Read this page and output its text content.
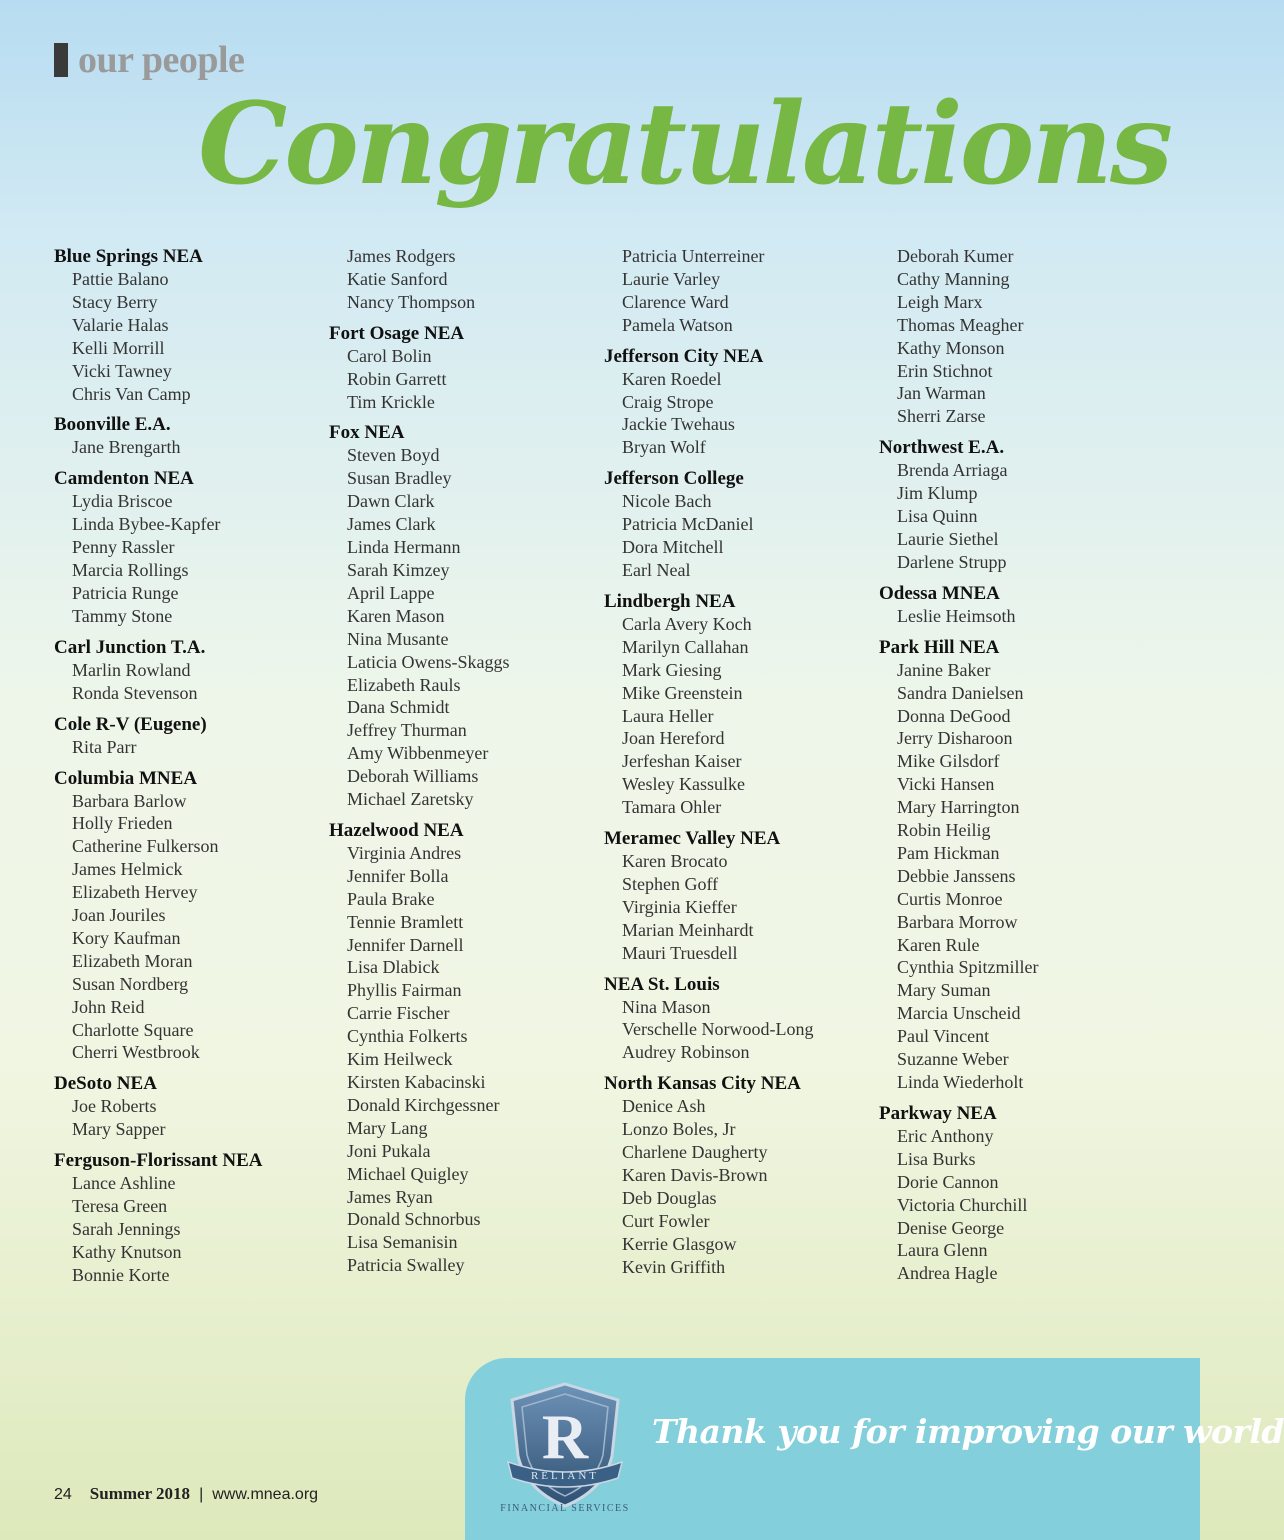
our people
Congratulations
Blue Springs NEA
Pattie Balano
Stacy Berry
Valarie Halas
Kelli Morrill
Vicki Tawney
Chris Van Camp
Boonville E.A.
Jane Brengarth
Camdenton NEA
Lydia Briscoe
Linda Bybee-Kapfer
Penny Rassler
Marcia Rollings
Patricia Runge
Tammy Stone
Carl Junction T.A.
Marlin Rowland
Ronda Stevenson
Cole R-V (Eugene)
Rita Parr
Columbia MNEA
Barbara Barlow
Holly Frieden
Catherine Fulkerson
James Helmick
Elizabeth Hervey
Joan Jouriles
Kory Kaufman
Elizabeth Moran
Susan Nordberg
John Reid
Charlotte Square
Cherri Westbrook
DeSoto NEA
Joe Roberts
Mary Sapper
Ferguson-Florissant NEA
Lance Ashline
Teresa Green
Sarah Jennings
Kathy Knutson
Bonnie Korte
James Rodgers
Katie Sanford
Nancy Thompson
Fort Osage NEA
Carol Bolin
Robin Garrett
Tim Krickle
Fox NEA
Steven Boyd
Susan Bradley
Dawn Clark
James Clark
Linda Hermann
Sarah Kimzey
April Lappe
Karen Mason
Nina Musante
Laticia Owens-Skaggs
Elizabeth Rauls
Dana Schmidt
Jeffrey Thurman
Amy Wibbenmeyer
Deborah Williams
Michael Zaretsky
Hazelwood NEA
Virginia Andres
Jennifer Bolla
Paula Brake
Tennie Bramlett
Jennifer Darnell
Lisa Dlabick
Phyllis Fairman
Carrie Fischer
Cynthia Folkerts
Kim Heilweck
Kirsten Kabacinski
Donald Kirchgessner
Mary Lang
Joni Pukala
Michael Quigley
James Ryan
Donald Schnorbus
Lisa Semanisin
Patricia Swalley
Patricia Unterreiner
Laurie Varley
Clarence Ward
Pamela Watson
Jefferson City NEA
Karen Roedel
Craig Strope
Jackie Twehaus
Bryan Wolf
Jefferson College
Nicole Bach
Patricia McDaniel
Dora Mitchell
Earl Neal
Lindbergh NEA
Carla Avery Koch
Marilyn Callahan
Mark Giesing
Mike Greenstein
Laura Heller
Joan Hereford
Jerfeshan Kaiser
Wesley Kassulke
Tamara Ohler
Meramec Valley NEA
Karen Brocato
Stephen Goff
Virginia Kieffer
Marian Meinhardt
Mauri Truesdell
NEA St. Louis
Nina Mason
Verschelle Norwood-Long
Audrey Robinson
North Kansas City NEA
Denice Ash
Lonzo Boles, Jr
Charlene Daugherty
Karen Davis-Brown
Deb Douglas
Curt Fowler
Kerrie Glasgow
Kevin Griffith
Deborah Kumer
Cathy Manning
Leigh Marx
Thomas Meagher
Kathy Monson
Erin Stichnot
Jan Warman
Sherri Zarse
Northwest E.A.
Brenda Arriaga
Jim Klump
Lisa Quinn
Laurie Siethel
Darlene Strupp
Odessa MNEA
Leslie Heimsoth
Park Hill NEA
Janine Baker
Sandra Danielsen
Donna DeGood
Jerry Disharoon
Mike Gilsdorf
Vicki Hansen
Mary Harrington
Robin Heilig
Pam Hickman
Debbie Janssens
Curtis Monroe
Barbara Morrow
Karen Rule
Cynthia Spitzmiller
Mary Suman
Marcia Unscheid
Paul Vincent
Suzanne Weber
Linda Wiederholt
Parkway NEA
Eric Anthony
Lisa Burks
Dorie Cannon
Victoria Churchill
Denise George
Laura Glenn
Andrea Hagle
Thank you for improving our world
R
RELIANT
FINANCIAL SERVICES
24 Summer 2018 | www.mnea.org
